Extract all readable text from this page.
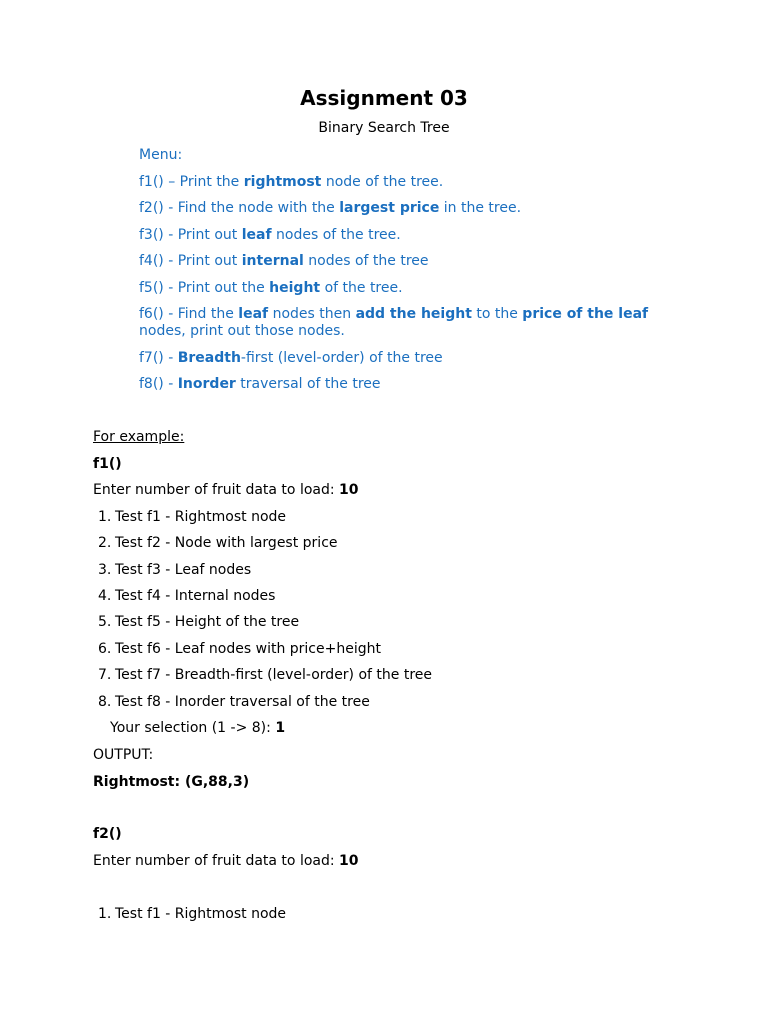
Assignment 03
Binary Search Tree
Menu:
f1() – Print the rightmost node of the tree.
f2() - Find the node with the largest price in the tree.
f3() - Print out leaf nodes of the tree.
f4() - Print out internal nodes of the tree
f5() - Print out the height of the tree.
f6() - Find the leaf nodes then add the height to the price of the leaf nodes, print out those nodes.
f7() - Breadth-first (level-order) of the tree
f8() - Inorder traversal of the tree
For example:
f1()
Enter number of fruit data to load: 10
1. Test f1 - Rightmost node
2. Test f2 - Node with largest price
3. Test f3 - Leaf nodes
4. Test f4 - Internal nodes
5. Test f5 - Height of the tree
6. Test f6 - Leaf nodes with price+height
7. Test f7 - Breadth-first (level-order) of the tree
8. Test f8 - Inorder traversal of the tree
Your selection (1 -> 8): 1
OUTPUT:
Rightmost: (G,88,3)
f2()
Enter number of fruit data to load: 10
1. Test f1 - Rightmost node
